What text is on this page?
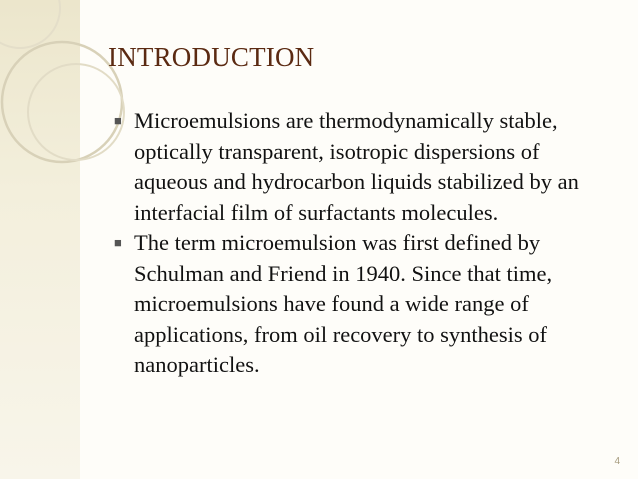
INTRODUCTION
■ Microemulsions are thermodynamically stable, optically transparent, isotropic dispersions of aqueous and hydrocarbon liquids stabilized by an interfacial film of surfactants molecules.
■ The term microemulsion was first defined by Schulman and Friend in 1940. Since that time, microemulsions have found a wide range of applications, from oil recovery to synthesis of nanoparticles.
4
